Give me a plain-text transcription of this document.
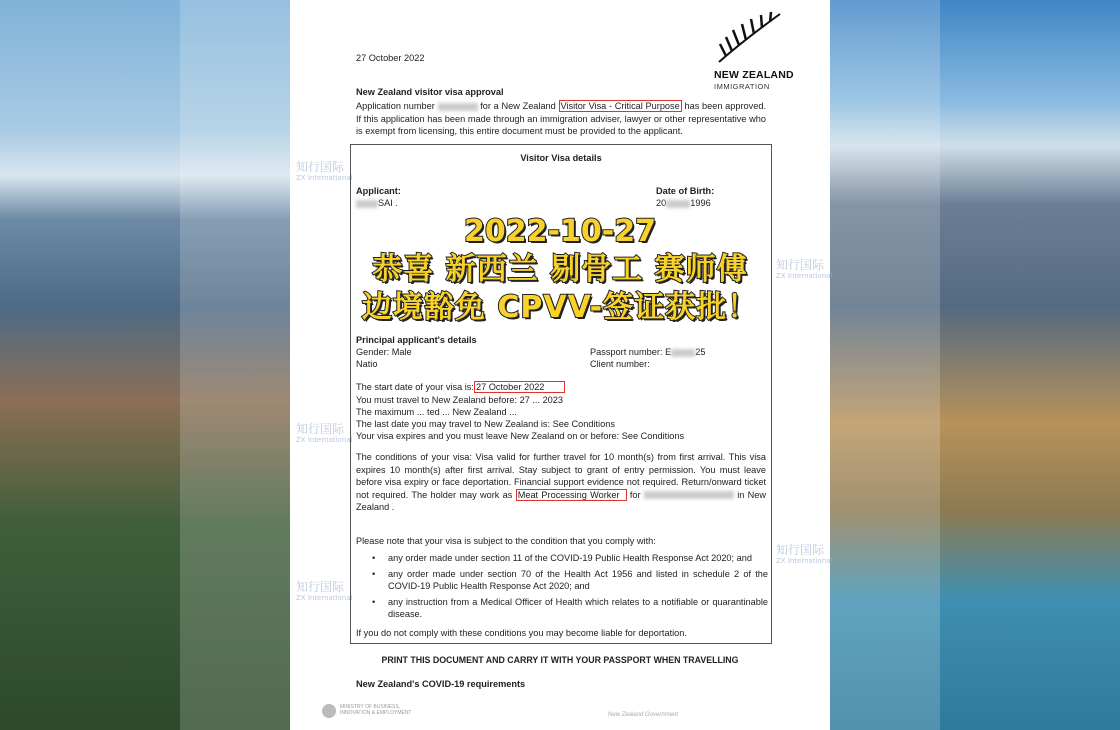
27 October 2022
NEW ZEALAND
IMMIGRATION
New Zealand visitor visa approval
Application number	for a New Zealand Visitor Visa - Critical Purpose has been approved. If this application has been made through an immigration adviser, lawyer or other representative who is exempt from licensing, this entire document must be provided to the applicant.
Visitor Visa details
Applicant:
SAI .
Date of Birth:
20	1996
Principal applicant's details
Gender: Male	Passport number: E	25
Natio	Client number:
The start date of your visa is: 27 October 2022
You must travel to New Zealand before: 27 ... 2023
The maximum ... ted ... New Zealand ...
The last date you may travel to New Zealand is: See Conditions
Your visa expires and you must leave New Zealand on or before: See Conditions
The conditions of your visa: Visa valid for further travel for 10 month(s) from first arrival. This visa expires 10 month(s) after first arrival. Stay subject to grant of entry permission. You must leave before visa expiry or face deportation. Financial support evidence not required. Return/onward ticket not required. The holder may work as Meat Processing Worker for	in New Zealand .
Please note that your visa is subject to the condition that you comply with:
• any order made under section 11 of the COVID-19 Public Health Response Act 2020; and
• any order made under section 70 of the Health Act 1956 and listed in schedule 2 of the COVID-19 Public Health Response Act 2020; and
• any instruction from a Medical Officer of Health which relates to a notifiable or quarantinable disease.
If you do not comply with these conditions you may become liable for deportation.
PRINT THIS DOCUMENT AND CARRY IT WITH YOUR PASSPORT WHEN TRAVELLING
New Zealand's COVID-19 requirements
MINISTRY OF BUSINESS, INNOVATION & EMPLOYMENT	New Zealand Government
知行国际
ZX International
知行国际
ZX International
知行国际
ZX International
知行国际
ZX International
知行国际
ZX International
2022-10-27
恭喜 新西兰 剔骨工 赛师傅
边境豁免 CPVV-签证获批！
